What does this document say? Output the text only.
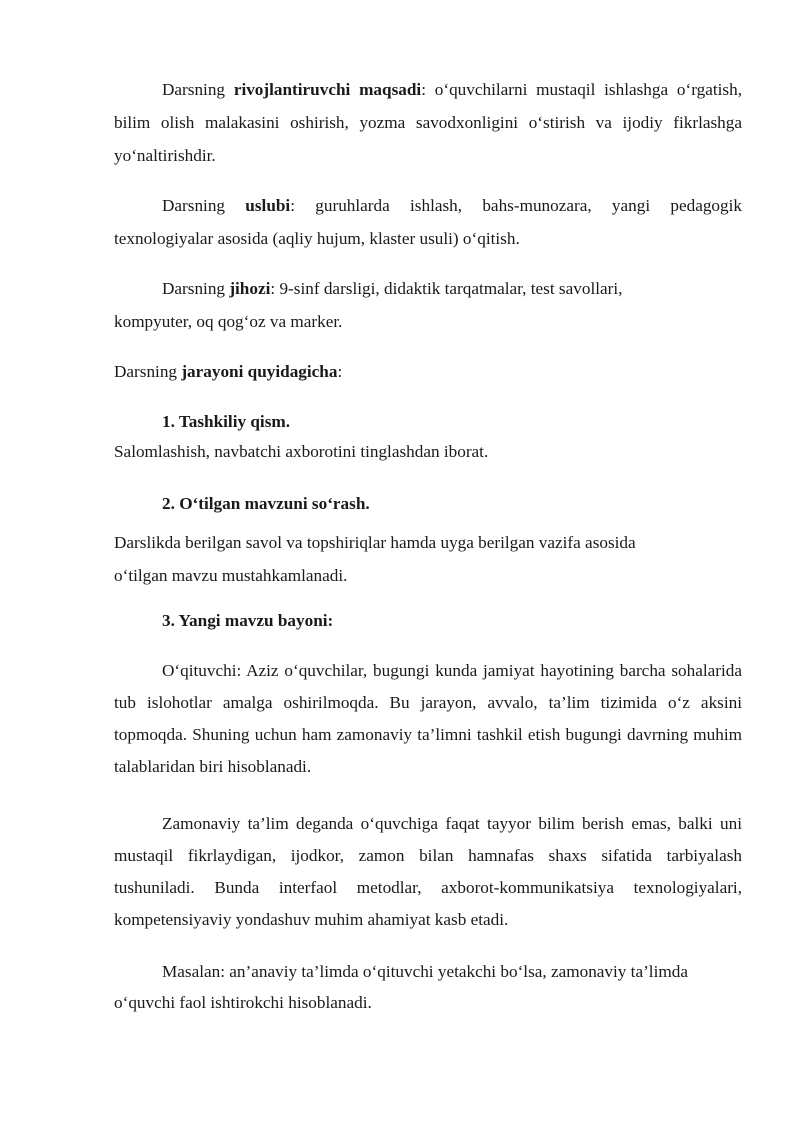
Darsning rivojlantiruvchi maqsadi: o‘quvchilarni mustaqil ishlashga o‘rgatish, bilim olish malakasini oshirish, yozma savodxonligini o‘stirish va ijodiy fikrlashga yo‘naltirishdir.

Darsning uslubi: guruhlarda ishlash, bahs-munozara, yangi pedagogik texnologiyalar asosida (aqliy hujum, klaster usuli) o‘qitish.

Darsning jihozi: 9-sinf darsligi, didaktik tarqatmalar, test savollari,
kompyuter, oq qog‘oz va marker.

Darsning jarayoni quyidagicha:

1. Tashkiliy qism.

Salomlashish, navbatchi axborotini tinglashdan iborat.

2. O‘tilgan mavzuni so‘rash.

Darslikda berilgan savol va topshiriqlar hamda uyga berilgan vazifa asosida
o‘tilgan mavzu mustahkamlanadi.

3. Yangi mavzu bayoni:

O‘qituvchi: Aziz o‘quvchilar, bugungi kunda jamiyat hayotining barcha sohalarida tub islohotlar amalga oshirilmoqda. Bu jarayon, avvalo, ta’lim tizimida o‘z aksini topmoqda. Shuning uchun ham zamonaviy ta’limni tashkil etish bugungi davrning muhim talablaridan biri hisoblanadi.

Zamonaviy ta’lim deganda o‘quvchiga faqat tayyor bilim berish emas, balki uni mustaqil fikrlaydigan, ijodkor, zamon bilan hamnafas shaxs sifatida tarbiyalash tushuniladi. Bunda interfaol metodlar, axborot-kommunikatsiya texnologiyalari, kompetensiyaviy yondashuv muhim ahamiyat kasb etadi.

Masalan: an’anaviy ta’limda o‘qituvchi yetakchi bo‘lsa, zamonaviy ta’limda
o‘quvchi faol ishtirokchi hisoblanadi.
